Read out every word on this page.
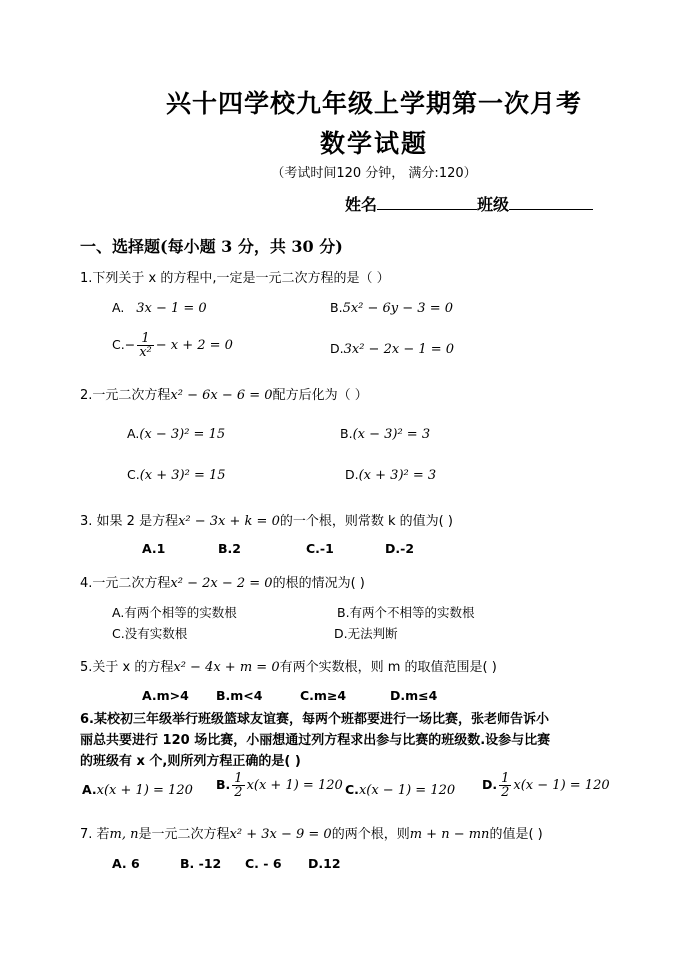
兴十四学校九年级上学期第一次月考
数学试题
（考试时间120 分钟， 满分:120）
姓名	班级
一、选择题(每小题 3 分，共 30 分)
1.下列关于 x 的方程中,一定是一元二次方程的是（ ）
A. 3x − 1 = 0	B.5x² − 6y − 3 = 0
$C.- \frac{1}{\text{x²}} - x + 2 = 0$	D.3x² − 2x − 1 = 0
2.一元二次方程x² − 6x − 6 = 0配方后化为（ ）
A.(x − 3)² = 15	B.(x − 3)² = 3
C.(x + 3)² = 15	D.(x + 3)² = 3
3. 如果 2 是方程x² − 3x + k = 0的一个根，则常数 k 的值为( )
A.1	B.2	C.-1	D.-2
4.一元二次方程x² − 2x − 2 = 0的根的情况为( )
A.有两个相等的实数根	B.有两个不相等的实数根
C.没有实数根	D.无法判断
5.关于 x 的方程x² − 4x + m = 0有两个实数根，则 m 的取值范围是( )
A.m>4 B.m<4	C.m≥4	D.m≤4
6.某校初三年级举行班级篮球友谊赛，每两个班都要进行一场比赛，张老师告诉小
丽总共要进行 120 场比赛，小丽想通过列方程求出参与比赛的班级数.设参与比赛
的班级有 x 个,则所列方程正确的是( )
A.x(x + 1) = 120 B. $\frac{1}{2} x(x + 1) = 120$ C.x(x − 1) = 120 D. $\frac{1}{2} x(x - 1) = 120$
7. 若m, n是一元二次方程x² + 3x − 9 = 0的两个根，则m + n − mn的值是( )
A. 6	B. -12 C. - 6 D.12
